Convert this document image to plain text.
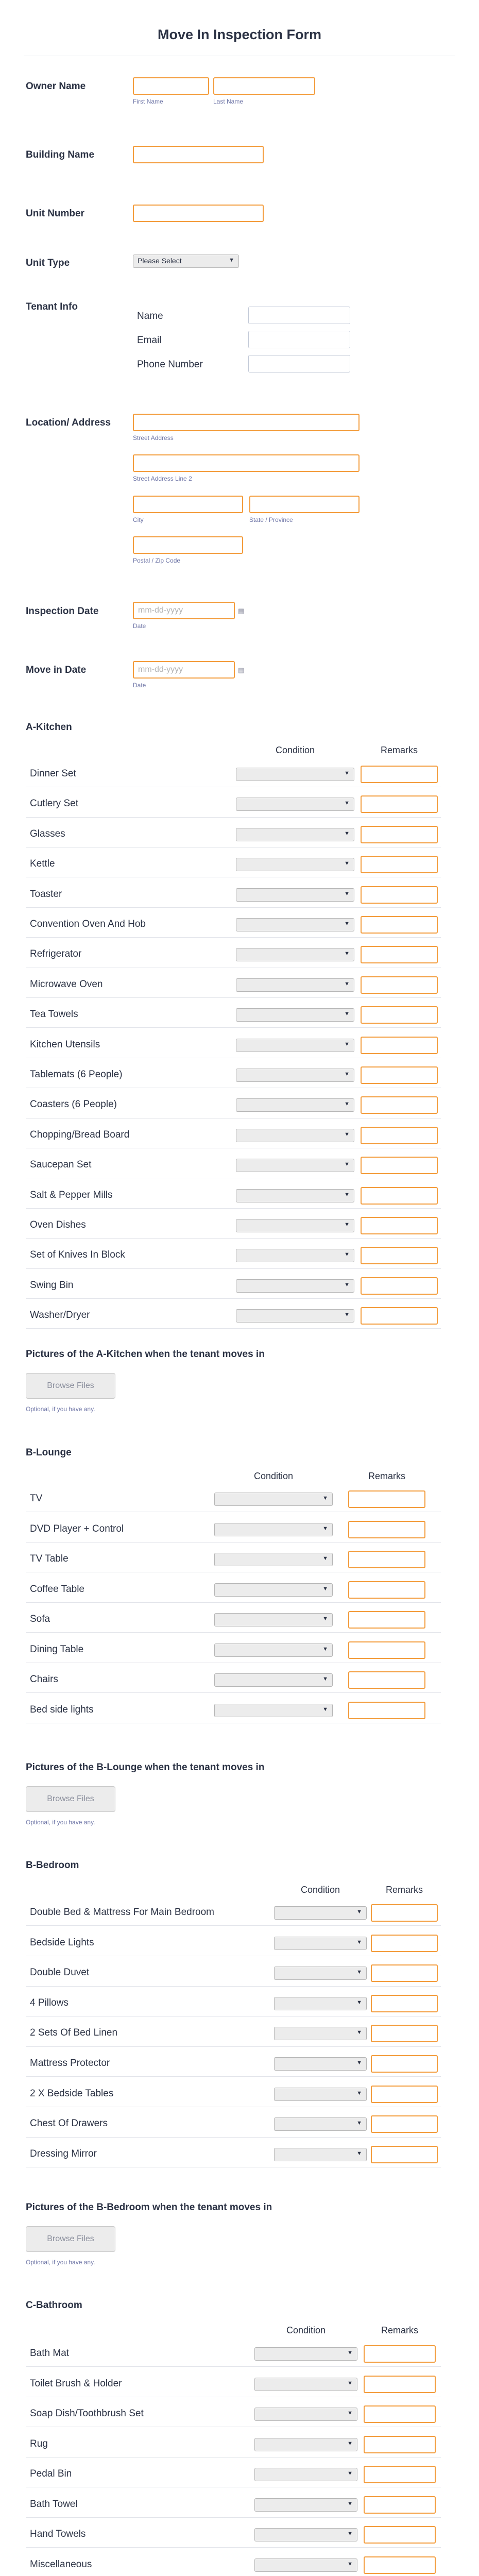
Move In Inspection Form
Owner Name
First Name	Last Name
Building Name
Unit Number
Unit Type	Please Select	▼
Tenant Info
Name
Email
Phone Number
Location/ Address
Street Address
Street Address Line 2
City	State / Province
Postal / Zip Code
Inspection Date
mm-dd-yyyy	▦
Date
Move in Date
mm-dd-yyyy	▦
Date
A-Kitchen
Condition	Remarks
Dinner Set	▼
Cutlery Set	▼
Glasses	▼
Kettle	▼
Toaster	▼
Convention Oven And Hob	▼
Refrigerator	▼
Microwave Oven	▼
Tea Towels	▼
Kitchen Utensils	▼
Tablemats (6 People)	▼
Coasters (6 People)	▼
Chopping/Bread Board	▼
Saucepan Set	▼
Salt & Pepper Mills	▼
Oven Dishes	▼
Set of Knives In Block	▼
Swing Bin	▼
Washer/Dryer	▼
Pictures of the A-Kitchen when the tenant moves in
Browse Files
Optional, if you have any.
B-Lounge
Condition	Remarks
TV	▼
DVD Player + Control	▼
TV Table	▼
Coffee Table	▼
Sofa	▼
Dining Table	▼
Chairs	▼
Bed side lights	▼
Pictures of the B-Lounge when the tenant moves in
Browse Files
Optional, if you have any.
B-Bedroom
Condition	Remarks
Double Bed & Mattress For Main Bedroom	▼
Bedside Lights	▼
Double Duvet	▼
4 Pillows	▼
2 Sets Of Bed Linen	▼
Mattress Protector	▼
2 X Bedside Tables	▼
Chest Of Drawers	▼
Dressing Mirror	▼
Pictures of the B-Bedroom when the tenant moves in
Browse Files
Optional, if you have any.
C-Bathroom
Condition	Remarks
Bath Mat	▼
Toilet Brush & Holder	▼
Soap Dish/Toothbrush Set	▼
Rug	▼
Pedal Bin	▼
Bath Towel	▼
Hand Towels	▼
Miscellaneous	▼
